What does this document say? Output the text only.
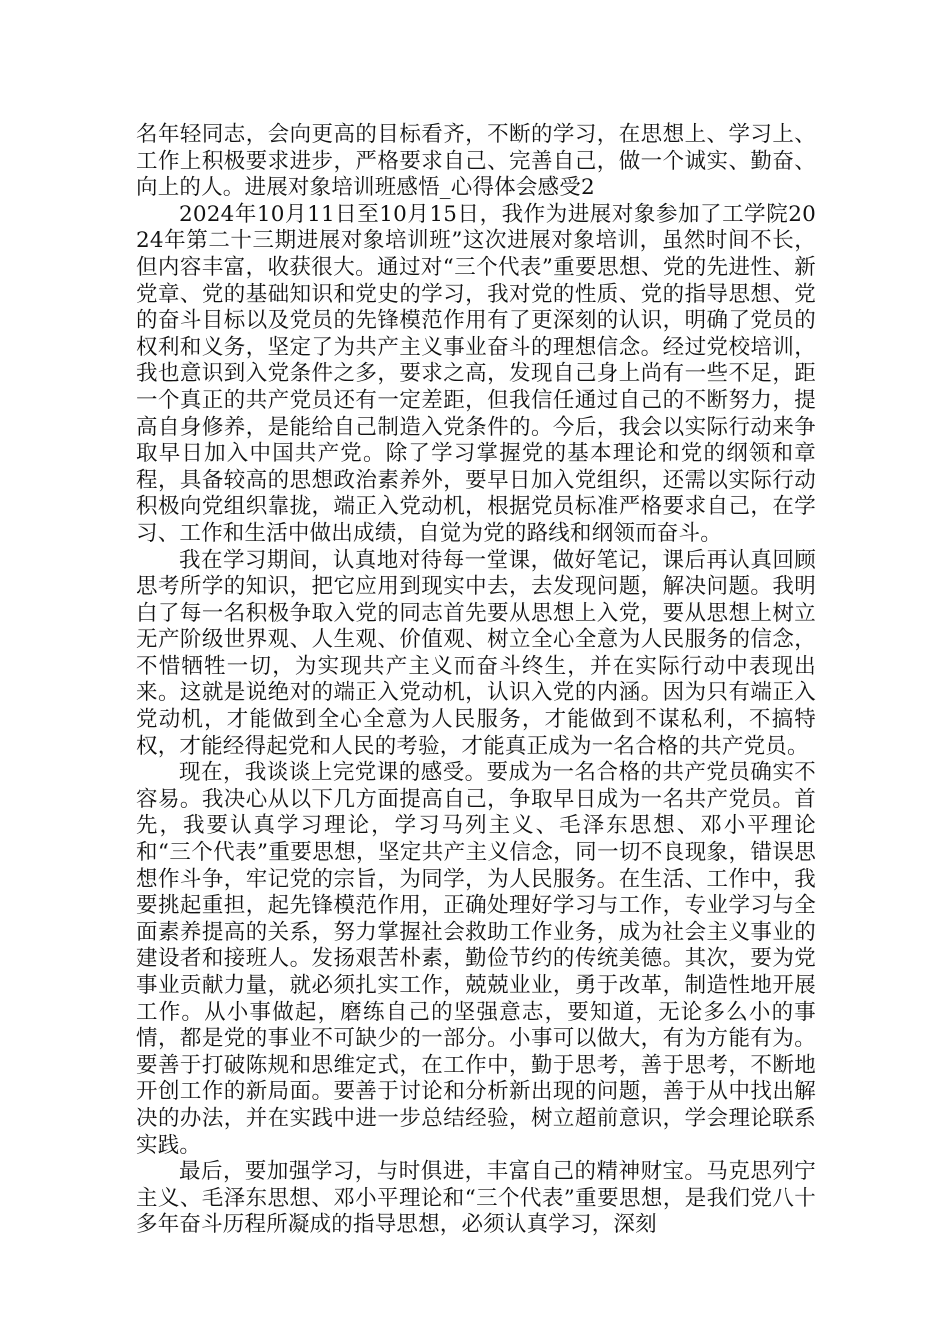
名年轻同志，会向更高的目标看齐，不断的学习，在思想上、学习上、工作上积极要求进步，严格要求自己、完善自己，做一个诚实、勤奋、向上的人。进展对象培训班感悟_心得体会感受2

2024年10月11日至10月15日，我作为进展对象参加了工学院2024年第二十三期进展对象培训班”这次进展对象培训，虽然时间不长，但内容丰富，收获很大。通过对“三个代表”重要思想、党的先进性、新党章、党的基础知识和党史的学习，我对党的性质、党的指导思想、党的奋斗目标以及党员的先锋模范作用有了更深刻的认识，明确了党员的权利和义务，坚定了为共产主义事业奋斗的理想信念。经过党校培训，我也意识到入党条件之多，要求之高，发现自己身上尚有一些不足，距一个真正的共产党员还有一定差距，但我信任通过自己的不断努力，提高自身修养，是能给自己制造入党条件的。今后，我会以实际行动来争取早日加入中国共产党。除了学习掌握党的基本理论和党的纲领和章程，具备较高的思想政治素养外，要早日加入党组织，还需以实际行动积极向党组织靠拢，端正入党动机，根据党员标准严格要求自己，在学习、工作和生活中做出成绩，自觉为党的路线和纲领而奋斗。

我在学习期间，认真地对待每一堂课，做好笔记，课后再认真回顾思考所学的知识，把它应用到现实中去，去发现问题，解决问题。我明白了每一名积极争取入党的同志首先要从思想上入党，要从思想上树立无产阶级世界观、人生观、价值观、树立全心全意为人民服务的信念，不惜牺牲一切，为实现共产主义而奋斗终生，并在实际行动中表现出来。这就是说绝对的端正入党动机，认识入党的内涵。因为只有端正入党动机，才能做到全心全意为人民服务，才能做到不谋私利，不搞特权，才能经得起党和人民的考验，才能真正成为一名合格的共产党员。

现在，我谈谈上完党课的感受。要成为一名合格的共产党员确实不容易。我决心从以下几方面提高自己，争取早日成为一名共产党员。首先，我要认真学习理论，学习马列主义、毛泽东思想、邓小平理论和“三个代表”重要思想，坚定共产主义信念，同一切不良现象，错误思想作斗争，牢记党的宗旨，为同学，为人民服务。在生活、工作中，我要挑起重担，起先锋模范作用，正确处理好学习与工作，专业学习与全面素养提高的关系，努力掌握社会救助工作业务，成为社会主义事业的建设者和接班人。发扬艰苦朴素，勤俭节约的传统美德。其次，要为党事业贡献力量，就必须扎实工作，兢兢业业，勇于改革，制造性地开展工作。从小事做起，磨练自己的坚强意志，要知道，无论多么小的事情，都是党的事业不可缺少的一部分。小事可以做大，有为方能有为。要善于打破陈规和思维定式，在工作中，勤于思考，善于思考，不断地开创工作的新局面。要善于讨论和分析新出现的问题，善于从中找出解决的办法，并在实践中进一步总结经验，树立超前意识，学会理论联系实践。

最后，要加强学习，与时俱进，丰富自己的精神财宝。马克思列宁主义、毛泽东思想、邓小平理论和“三个代表”重要思想，是我们党八十多年奋斗历程所凝成的指导思想，必须认真学习，深刻
